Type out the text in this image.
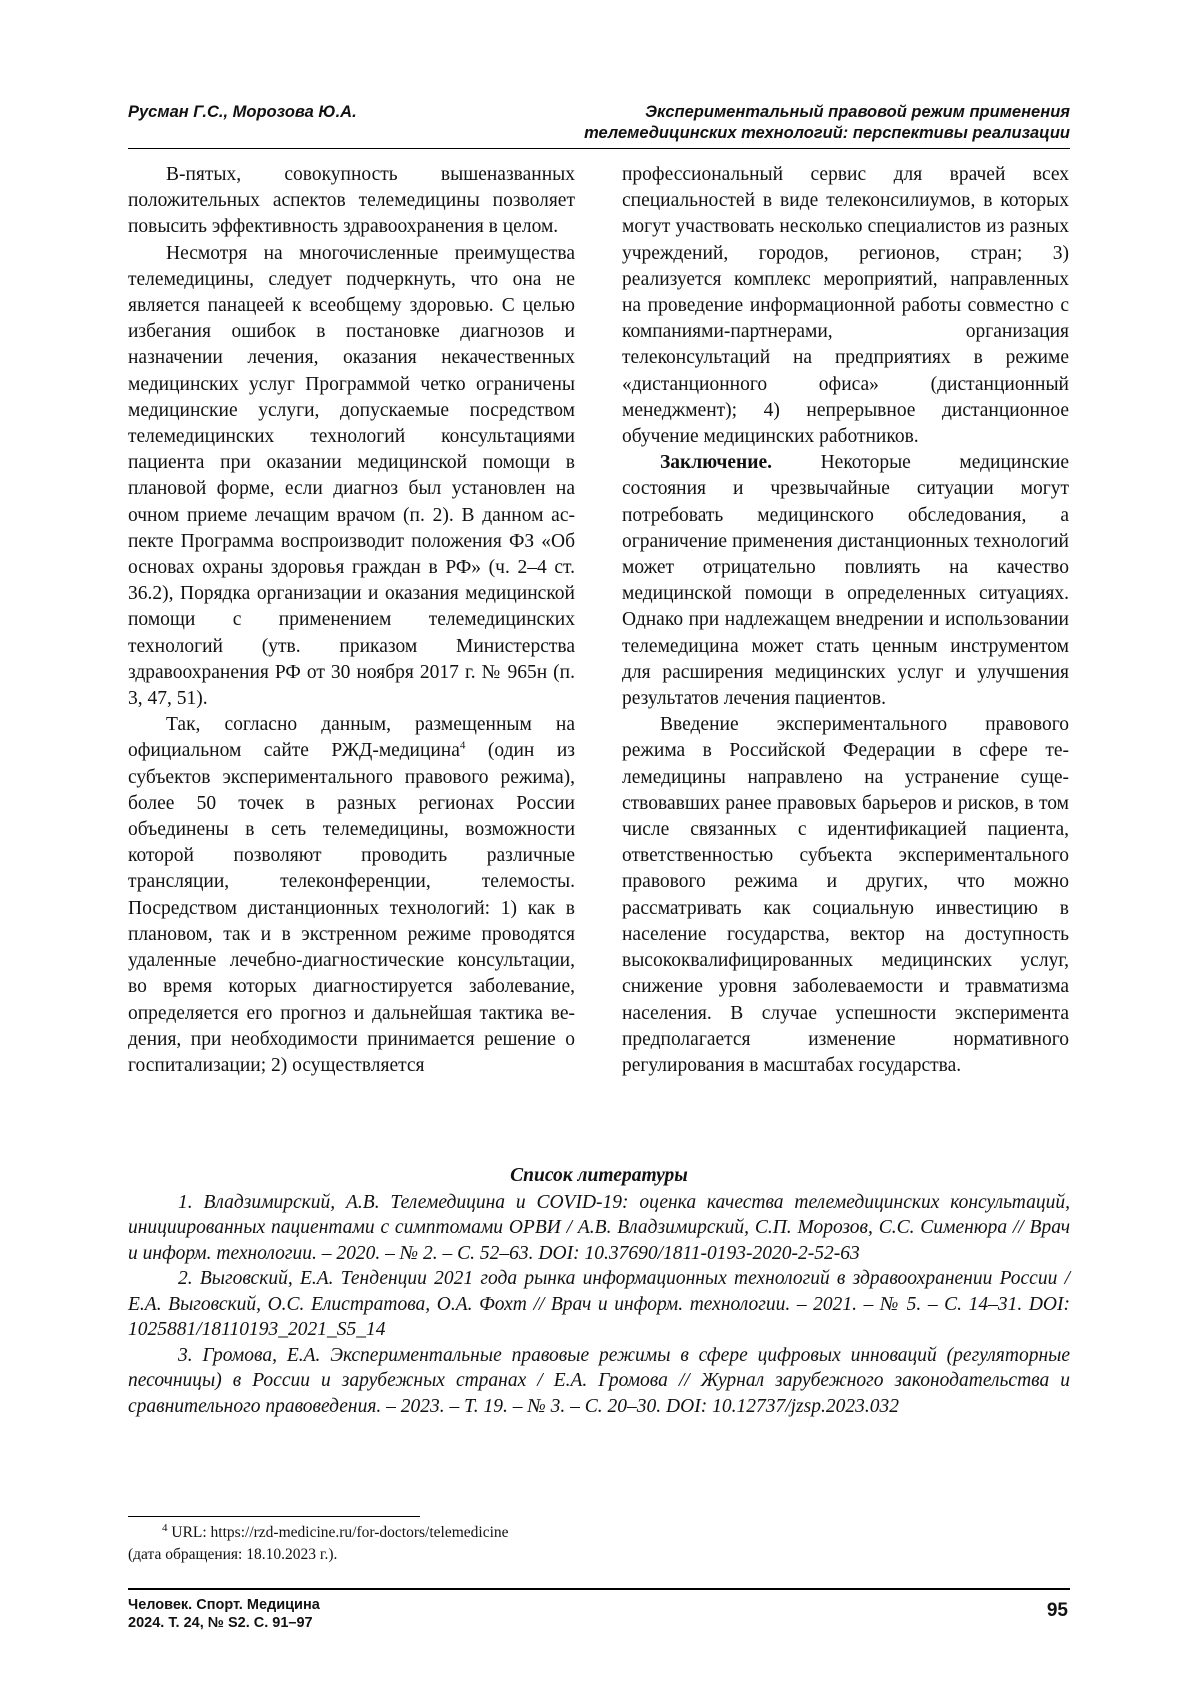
Русман Г.С., Морозова Ю.А.	Экспериментальный правовой режим применения
телемедицинских технологий: перспективы реализации

В-пятых, совокупность вышеназванных положительных аспектов телемедицины по­зволяет повысить эффективность здравоохра­нения в целом.

Несмотря на многочисленные преимуще­ства телемедицины, следует подчеркнуть, что она не является панацеей к всеобщему здоро­вью. С целью избегания ошибок в постановке диагнозов и назначении лечения, оказания некачественных медицинских услуг Програм­мой четко ограничены медицинские услуги, допускаемые посредством телемедицинских технологий консультациями пациента при оказании медицинской помощи в плановой форме, если диагноз был установлен на очном приеме лечащим врачом (п. 2). В данном ас­пекте Программа воспроизводит положения ФЗ «Об основах охраны здоровья граждан в РФ» (ч. 2–4 ст. 36.2), Порядка организации и оказания медицинской помощи с применением телемедицинских технологий (утв. приказом Министерства здравоохранения РФ от 30 но­ября 2017 г. № 965н (п. 3, 47, 51).

Так, согласно данным, размещенным на официальном сайте РЖД-медицина4 (один из субъектов экспериментального правового режима), более 50 точек в разных регионах России объединены в сеть телемедицины, возможности которой позволяют проводить различные трансляции, телеконференции, телемосты. Посредством дистанционных тех­нологий: 1) как в плановом, так и в экстрен­ном режиме проводятся удаленные лечебно-диагностические консультации, во время ко­торых диагностируется заболевание, опреде­ляется его прогноз и дальнейшая тактика ве­дения, при необходимости принимается ре­шение о госпитализации; 2) осуществляется

профессиональный сервис для врачей всех специальностей в виде телеконсилиумов, в ко­торых могут участвовать несколько специали­стов из разных учреждений, городов, регионов, стран; 3) реализуется комплекс мероприятий, направленных на проведение информационной работы совместно с компаниями-партнерами, организация телеконсультаций на предприя­тиях в режиме «дистанционного офиса» (дис­танционный менеджмент); 4) непрерывное дистанционное обучение медицинских работ­ников.

Заключение. Некоторые медицинские состояния и чрезвычайные ситуации могут потребовать медицинского обследования, а ограничение применения дистанционных тех­нологий может отрицательно повлиять на ка­чество медицинской помощи в определенных ситуациях. Однако при надлежащем внедре­нии и использовании телемедицина может стать ценным инструментом для расширения медицинских услуг и улучшения результатов лечения пациентов.

Введение экспериментального правового режима в Российской Федерации в сфере те­лемедицины направлено на устранение суще­ствовавших ранее правовых барьеров и рис­ков, в том числе связанных с идентификацией пациента, ответственностью субъекта экспе­риментального правового режима и других, что можно рассматривать как социальную инвестицию в население государства, вектор на доступность высококвалифицированных медицинских услуг, снижение уровня заболе­ваемости и травматизма населения. В случае успешности эксперимента предполагается из­менение нормативного регулирования в масш­табах государства.

Список литературы

1. Владзимирский, А.В. Телемедицина и COVID-19: оценка качества телемедицинских кон­сультаций, инициированных пациентами с симптомами ОРВИ / А.В. Владзимирский, С.П. Моро­зов, С.С. Сименюра // Врач и информ. технологии. – 2020. – № 2. – С. 52–63. DOI: 10.37690/1811-0193-2020-2-52-63

2. Выговский, Е.А. Тенденции 2021 года рынка информационных технологий в здравоохране­нии России / Е.А. Выговский, О.С. Елистратова, О.А. Фохт // Врач и информ. технологии. – 2021. – № 5. – С. 14–31. DOI: 1025881/18110193_2021_S5_14

3. Громова, Е.А. Экспериментальные правовые режимы в сфере цифровых инноваций (регу­ляторные песочницы) в России и зарубежных странах / Е.А. Громова // Журнал зарубежного за­конодательства и сравнительного правоведения. – 2023. – Т. 19. – № 3. – С. 20–30. DOI: 10.12737/jzsp.2023.032

4 URL: https://rzd-medicine.ru/for-doctors/telemedicine

(дата обращения: 18.10.2023 г.).

Человек. Спорт. Медицина
2024. Т. 24, № S2. С. 91–97
95
